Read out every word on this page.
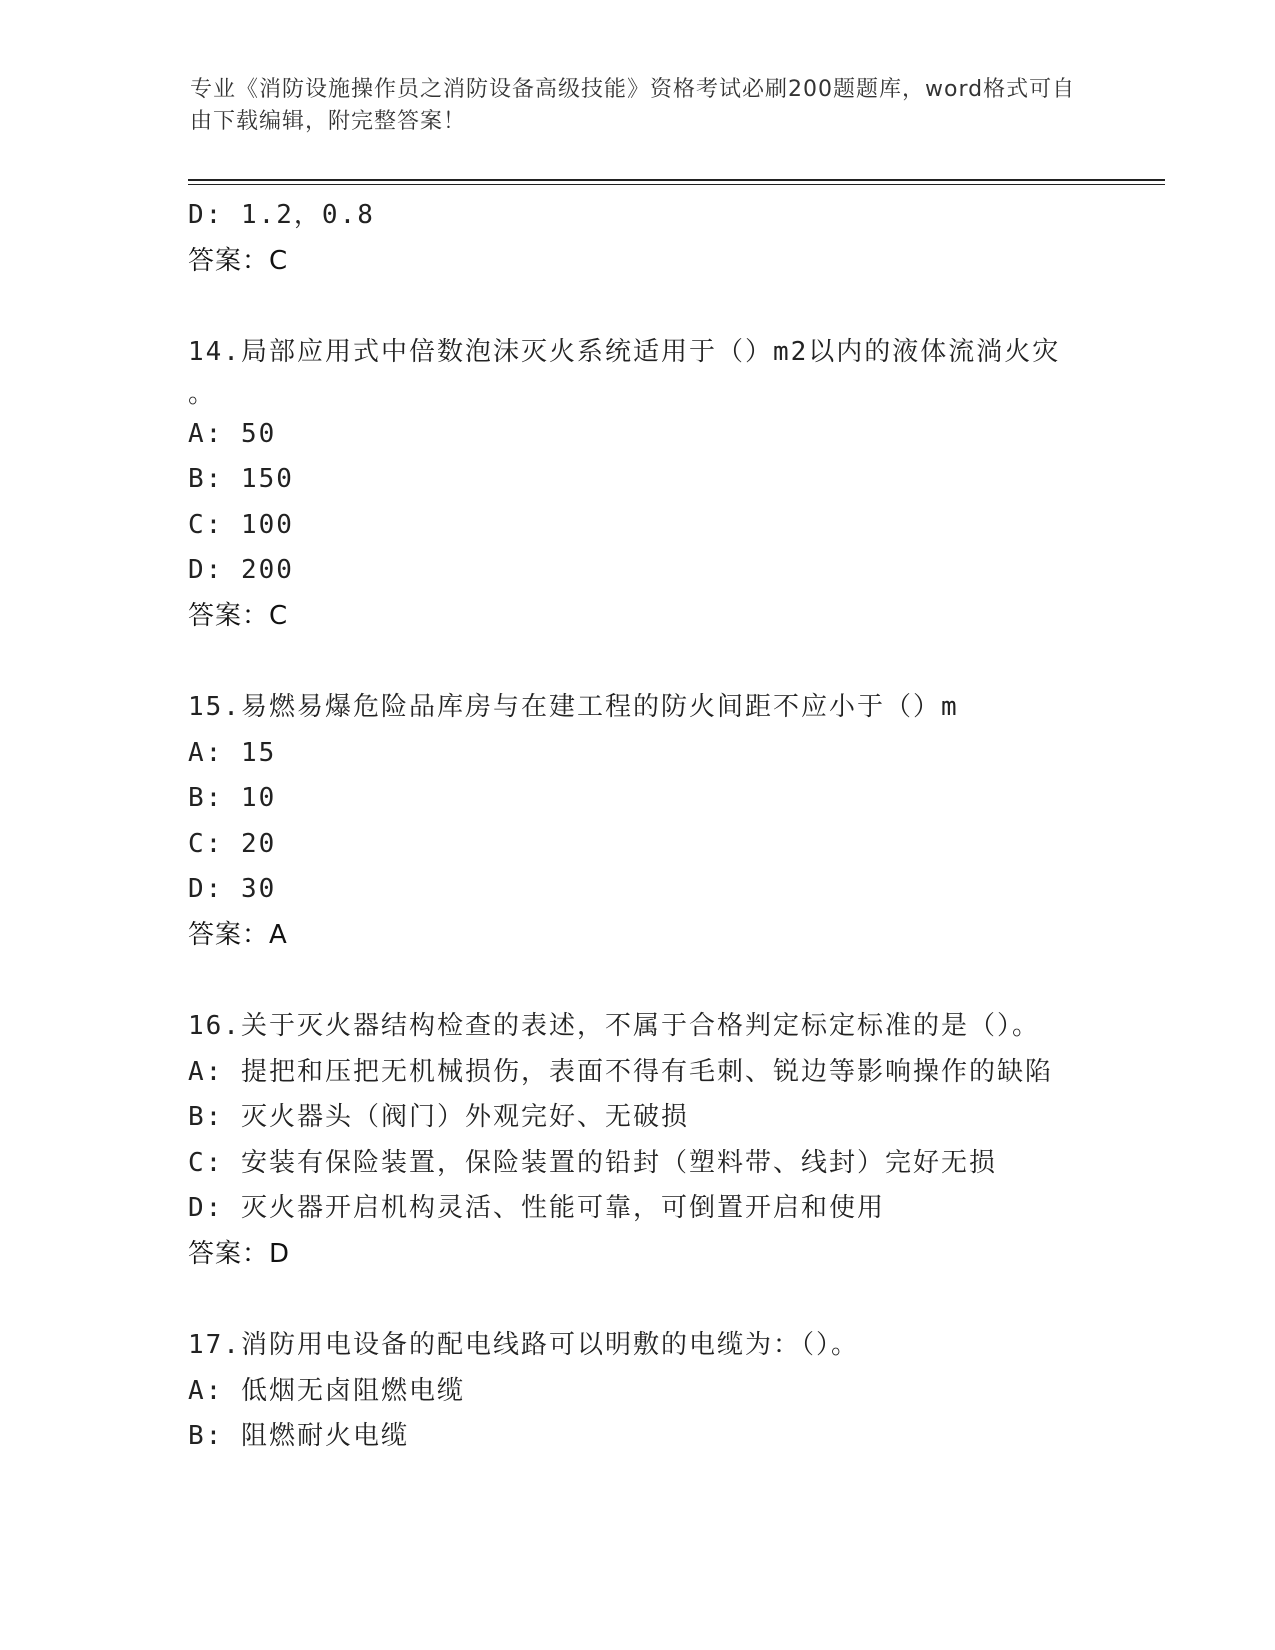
专业《消防设施操作员之消防设备高级技能》资格考试必刷200题题库，word格式可自由下载编辑，附完整答案！
D: 1.2，0.8
答案：C
14.局部应用式中倍数泡沫灭火系统适用于（）m2以内的液体流淌火灾
。
A: 50
B: 150
C: 100
D: 200
答案：C
15.易燃易爆危险品库房与在建工程的防火间距不应小于（）m
A: 15
B: 10
C: 20
D: 30
答案：A
16.关于灭火器结构检查的表述，不属于合格判定标定标准的是（）。
A: 提把和压把无机械损伤，表面不得有毛刺、锐边等影响操作的缺陷
B: 灭火器头（阀门）外观完好、无破损
C: 安装有保险装置，保险装置的铅封（塑料带、线封）完好无损
D: 灭火器开启机构灵活、性能可靠，可倒置开启和使用
答案：D
17.消防用电设备的配电线路可以明敷的电缆为：（）。
A: 低烟无卤阻燃电缆
B: 阻燃耐火电缆
